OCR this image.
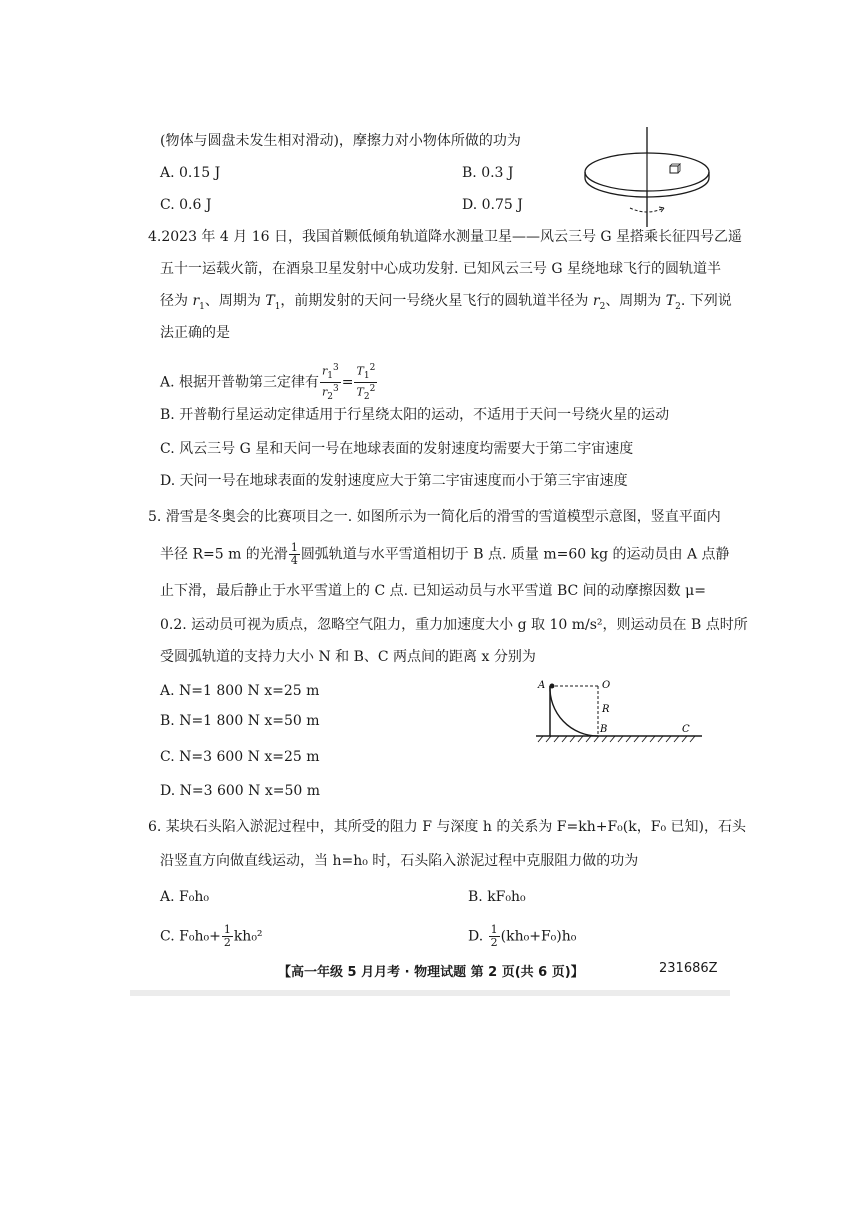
(物体与圆盘未发生相对滑动)，摩擦力对小物体所做的功为
A. 0.15 J	B. 0.3 J
C. 0.6 J	D. 0.75 J
4.2023 年 4 月 16 日，我国首颗低倾角轨道降水测量卫星——风云三号 G 星搭乘长征四号乙遥
五十一运载火箭，在酒泉卫星发射中心成功发射. 已知风云三号 G 星绕地球飞行的圆轨道半
径为 $r_1$、周期为 $T_1$，前期发射的天问一号绕火星飞行的圆轨道半径为 $r_2$、周期为 $T_2$. 下列说
法正确的是
A. 根据开普勒第三定律有 $\frac{r_1^3}{r_2^3} = \frac{T_1^2}{T_2^2}$
B. 开普勒行星运动定律适用于行星绕太阳的运动，不适用于天问一号绕火星的运动
C. 风云三号 G 星和天问一号在地球表面的发射速度均需要大于第二宇宙速度
D. 天问一号在地球表面的发射速度应大于第二宇宙速度而小于第三宇宙速度
5. 滑雪是冬奥会的比赛项目之一. 如图所示为一简化后的滑雪的雪道模型示意图，竖直平面内
半径 R=5 m 的光滑 $\frac{1}{4}$ 圆弧轨道与水平雪道相切于 B 点. 质量 m=60 kg 的运动员由 A 点静
止下滑，最后静止于水平雪道上的 C 点. 已知运动员与水平雪道 BC 间的动摩擦因数 μ=
0.2. 运动员可视为质点，忽略空气阻力，重力加速度大小 g 取 10 m/s²，则运动员在 B 点时所
受圆弧轨道的支持力大小 N 和 B、C 两点间的距离 x 分别为
A. N=1 800 N x=25 m
B. N=1 800 N x=50 m
C. N=3 600 N x=25 m
D. N=3 600 N x=50 m
A	O
R
B	C
6. 某块石头陷入淤泥过程中，其所受的阻力 F 与深度 h 的关系为 F=kh+F₀(k，F₀ 已知)，石头
沿竖直方向做直线运动，当 h=h₀ 时，石头陷入淤泥过程中克服阻力做的功为
A. F₀h₀	B. kF₀h₀
C. $F_0h_0+ \frac{1}{2} kh_0^2$	D. $\frac{1}{2} (kh_0+F_0)h_0$
【高一年级 5 月月考 · 物理试题 第 2 页(共 6 页)】	231686Z
